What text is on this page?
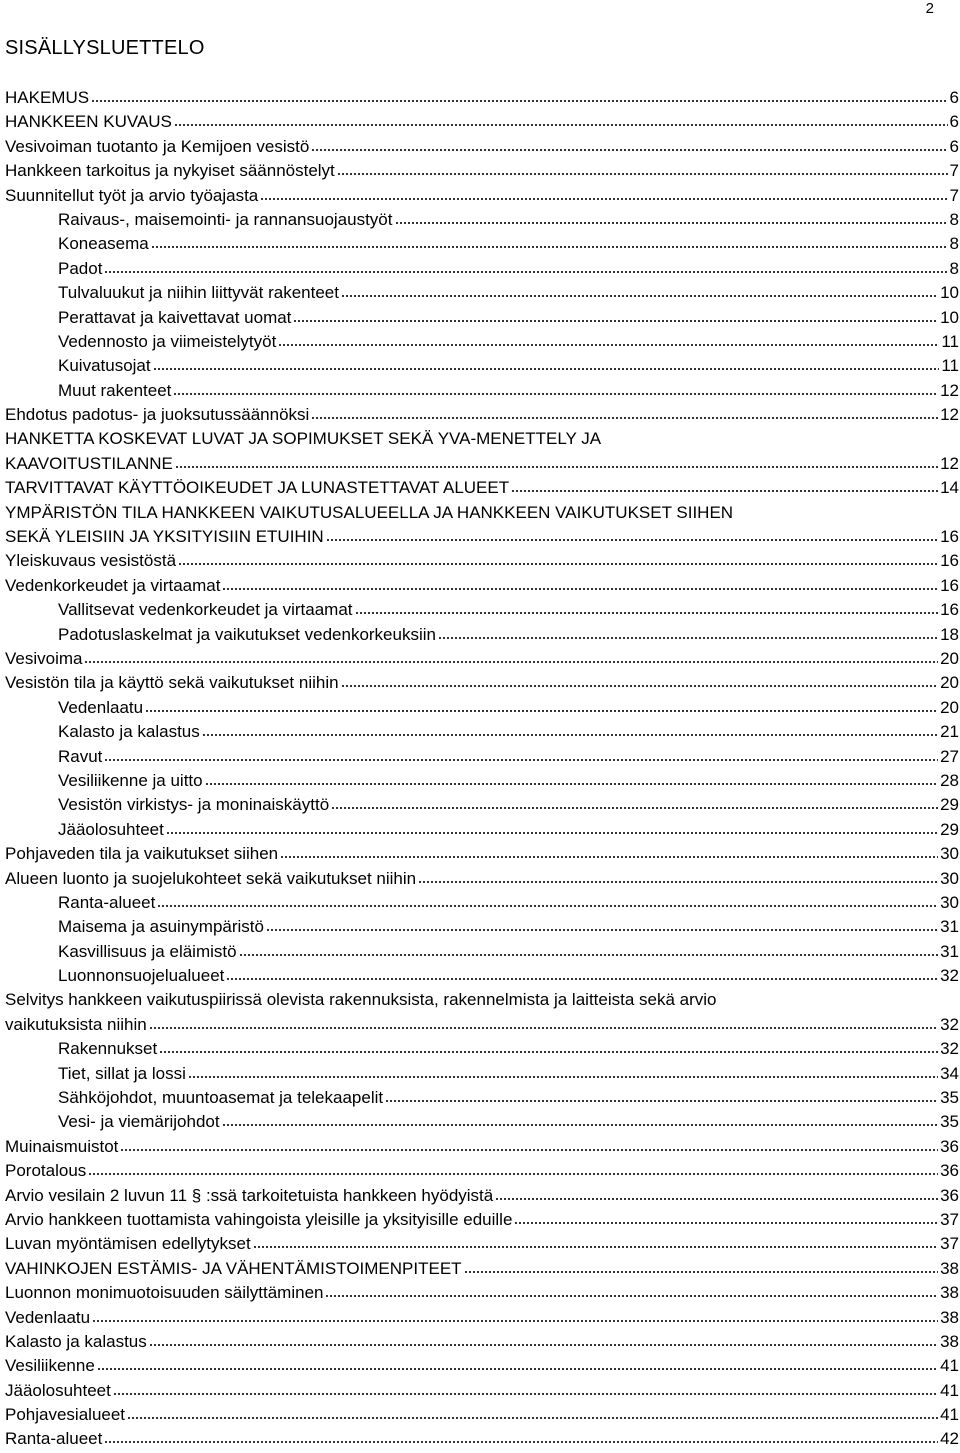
2
SISÄLLYSLUETTELO
HAKEMUS	6
HANKKEEN KUVAUS	6
Vesivoiman tuotanto ja Kemijoen vesistö	6
Hankkeen tarkoitus ja nykyiset säännöstelyt	7
Suunnitellut työt ja arvio työajasta	7
Raivaus-, maisemointi- ja rannansuojaustyöt	8
Koneasema	8
Padot	8
Tulvaluukut ja niihin liittyvät rakenteet	10
Perattavat ja kaivettavat uomat	10
Vedennosto ja viimeistelytyöt	11
Kuivatusojat	11
Muut rakenteet	12
Ehdotus padotus- ja juoksutussäännöksi	12
HANKETTA KOSKEVAT LUVAT JA SOPIMUKSET SEKÄ YVA-MENETTELY JA
KAAVOITUSTILANNE	12
TARVITTAVAT KÄYTTÖOIKEUDET JA LUNASTETTAVAT ALUEET	14
YMPÄRISTÖN TILA HANKKEEN VAIKUTUSALUEELLA JA HANKKEEN VAIKUTUKSET SIIHEN
SEKÄ YLEISIIN JA YKSITYISIIN ETUIHIN	16
Yleiskuvaus vesistöstä	16
Vedenkorkeudet ja virtaamat	16
Vallitsevat vedenkorkeudet ja virtaamat	16
Padotuslaskelmat ja vaikutukset vedenkorkeuksiin	18
Vesivoima	20
Vesistön tila ja käyttö sekä vaikutukset niihin	20
Vedenlaatu	20
Kalasto ja kalastus	21
Ravut	27
Vesiliikenne ja uitto	28
Vesistön virkistys- ja moninaiskäyttö	29
Jääolosuhteet	29
Pohjaveden tila ja vaikutukset siihen	30
Alueen luonto ja suojelukohteet sekä vaikutukset niihin	30
Ranta-alueet	30
Maisema ja asuinympäristö	31
Kasvillisuus ja eläimistö	31
Luonnonsuojelualueet	32
Selvitys hankkeen vaikutuspiirissä olevista rakennuksista, rakennelmista ja laitteista sekä arvio
vaikutuksista niihin	32
Rakennukset	32
Tiet, sillat ja lossi	34
Sähköjohdot, muuntoasemat ja telekaapelit	35
Vesi- ja viemärijohdot	35
Muinaismuistot	36
Porotalous	36
Arvio vesilain 2 luvun 11 § :ssä tarkoitetuista hankkeen hyödyistä	36
Arvio hankkeen tuottamista vahingoista yleisille ja yksityisille eduille	37
Luvan myöntämisen edellytykset	37
VAHINKOJEN ESTÄMIS- JA VÄHENTÄMISTOIMENPITEET	38
Luonnon monimuotoisuuden säilyttäminen	38
Vedenlaatu	38
Kalasto ja kalastus	38
Vesiliikenne	41
Jääolosuhteet	41
Pohjavesialueet	41
Ranta-alueet	42
